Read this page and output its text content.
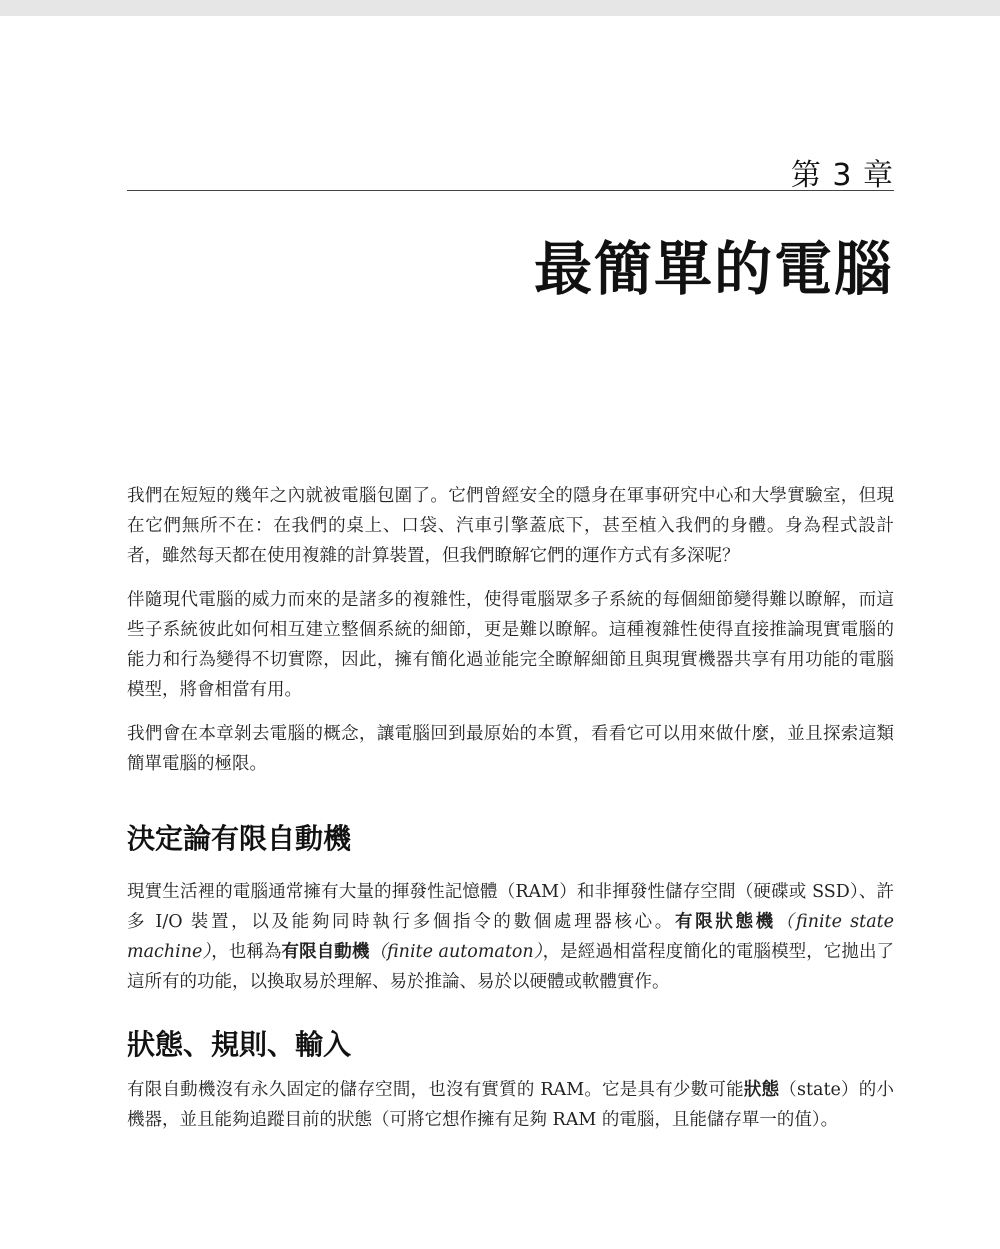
第 3 章
最簡單的電腦

我們在短短的幾年之內就被電腦包圍了。它們曾經安全的隱身在軍事研究中心和大學實驗室，但現在它們無所不在：在我們的桌上、口袋、汽車引擎蓋底下，甚至植入我們的身體。身為程式設計者，雖然每天都在使用複雜的計算裝置，但我們瞭解它們的運作方式有多深呢？

伴隨現代電腦的威力而來的是諸多的複雜性，使得電腦眾多子系統的每個細節變得難以瞭解，而這些子系統彼此如何相互建立整個系統的細節，更是難以瞭解。這種複雜性使得直接推論現實電腦的能力和行為變得不切實際，因此，擁有簡化過並能完全瞭解細節且與現實機器共享有用功能的電腦模型，將會相當有用。

我們會在本章剝去電腦的概念，讓電腦回到最原始的本質，看看它可以用來做什麼，並且探索這類簡單電腦的極限。

決定論有限自動機

現實生活裡的電腦通常擁有大量的揮發性記憶體（RAM）和非揮發性儲存空間（硬碟或 SSD）、許多 I/O 裝置，以及能夠同時執行多個指令的數個處理器核心。有限狀態機（finite state machine），也稱為有限自動機（finite automaton），是經過相當程度簡化的電腦模型，它拋出了這所有的功能，以換取易於理解、易於推論、易於以硬體或軟體實作。

狀態、規則、輸入

有限自動機沒有永久固定的儲存空間，也沒有實質的 RAM。它是具有少數可能狀態（state）的小機器，並且能夠追蹤目前的狀態（可將它想作擁有足夠 RAM 的電腦，且能儲存單一的值）。
